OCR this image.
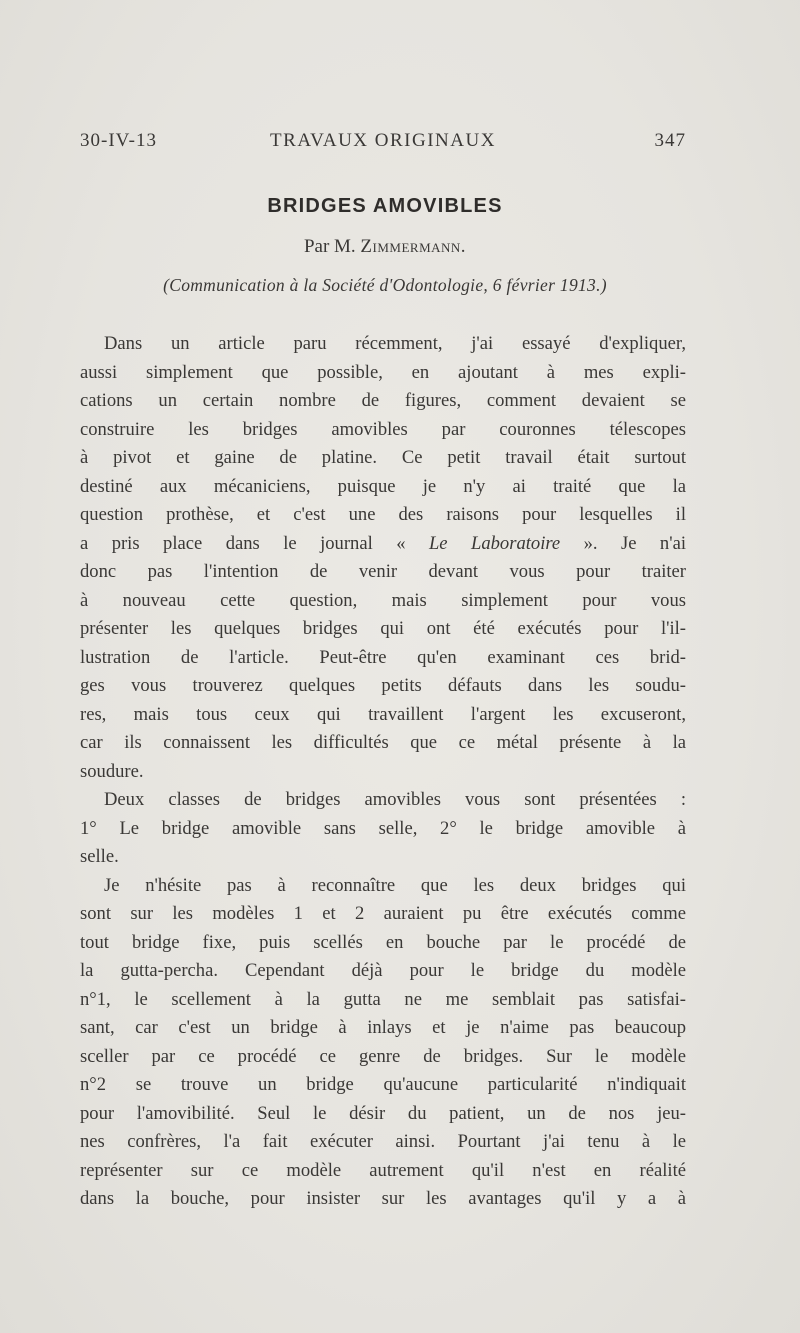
30-IV-13	TRAVAUX ORIGINAUX	347
BRIDGES AMOVIBLES
Par M. Zimmermann.
(Communication à la Société d'Odontologie, 6 février 1913.)
Dans un article paru récemment, j'ai essayé d'expliquer,
aussi simplement que possible, en ajoutant à mes expli-
cations un certain nombre de figures, comment devaient se
construire les bridges amovibles par couronnes télescopes
à pivot et gaine de platine. Ce petit travail était surtout
destiné aux mécaniciens, puisque je n'y ai traité que la
question prothèse, et c'est une des raisons pour lesquelles il
a pris place dans le journal « Le Laboratoire ». Je n'ai
donc pas l'intention de venir devant vous pour traiter
à nouveau cette question, mais simplement pour vous
présenter les quelques bridges qui ont été exécutés pour l'il-
lustration de l'article. Peut-être qu'en examinant ces brid-
ges vous trouverez quelques petits défauts dans les soudu-
res, mais tous ceux qui travaillent l'argent les excuseront,
car ils connaissent les difficultés que ce métal présente à la
soudure.
Deux classes de bridges amovibles vous sont présentées :
1° Le bridge amovible sans selle, 2° le bridge amovible à
selle.
Je n'hésite pas à reconnaître que les deux bridges qui
sont sur les modèles 1 et 2 auraient pu être exécutés comme
tout bridge fixe, puis scellés en bouche par le procédé de
la gutta-percha. Cependant déjà pour le bridge du modèle
n°1, le scellement à la gutta ne me semblait pas satisfai-
sant, car c'est un bridge à inlays et je n'aime pas beaucoup
sceller par ce procédé ce genre de bridges. Sur le modèle
n°2 se trouve un bridge qu'aucune particularité n'indiquait
pour l'amovibilité. Seul le désir du patient, un de nos jeu-
nes confrères, l'a fait exécuter ainsi. Pourtant j'ai tenu à le
représenter sur ce modèle autrement qu'il n'est en réalité
dans la bouche, pour insister sur les avantages qu'il y a à
